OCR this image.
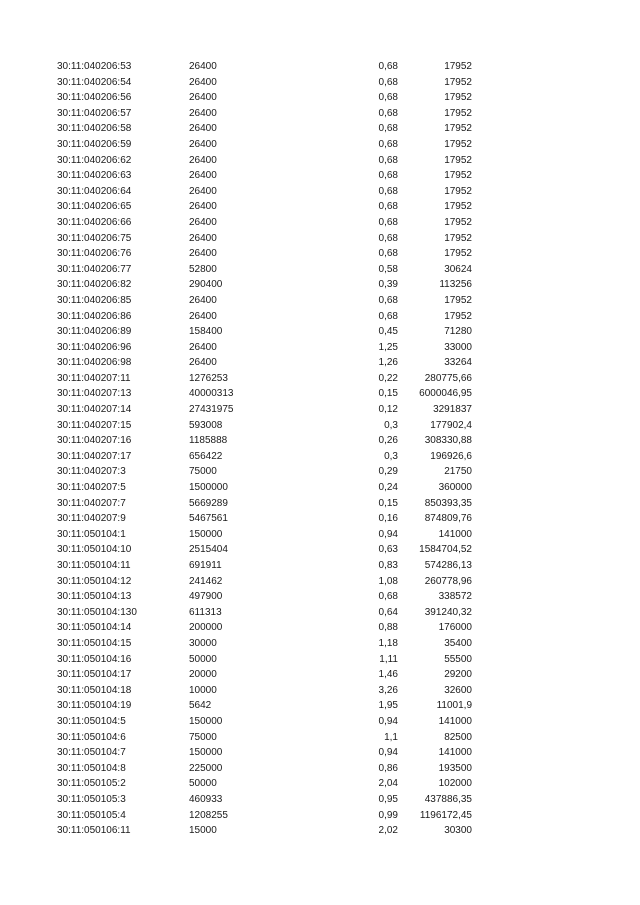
30:11:040206:53	26400	0,68	17952
30:11:040206:54	26400	0,68	17952
30:11:040206:56	26400	0,68	17952
30:11:040206:57	26400	0,68	17952
30:11:040206:58	26400	0,68	17952
30:11:040206:59	26400	0,68	17952
30:11:040206:62	26400	0,68	17952
30:11:040206:63	26400	0,68	17952
30:11:040206:64	26400	0,68	17952
30:11:040206:65	26400	0,68	17952
30:11:040206:66	26400	0,68	17952
30:11:040206:75	26400	0,68	17952
30:11:040206:76	26400	0,68	17952
30:11:040206:77	52800	0,58	30624
30:11:040206:82	290400	0,39	113256
30:11:040206:85	26400	0,68	17952
30:11:040206:86	26400	0,68	17952
30:11:040206:89	158400	0,45	71280
30:11:040206:96	26400	1,25	33000
30:11:040206:98	26400	1,26	33264
30:11:040207:11	1276253	0,22	280775,66
30:11:040207:13	40000313	0,15	6000046,95
30:11:040207:14	27431975	0,12	3291837
30:11:040207:15	593008	0,3	177902,4
30:11:040207:16	1185888	0,26	308330,88
30:11:040207:17	656422	0,3	196926,6
30:11:040207:3	75000	0,29	21750
30:11:040207:5	1500000	0,24	360000
30:11:040207:7	5669289	0,15	850393,35
30:11:040207:9	5467561	0,16	874809,76
30:11:050104:1	150000	0,94	141000
30:11:050104:10	2515404	0,63	1584704,52
30:11:050104:11	691911	0,83	574286,13
30:11:050104:12	241462	1,08	260778,96
30:11:050104:13	497900	0,68	338572
30:11:050104:130	611313	0,64	391240,32
30:11:050104:14	200000	0,88	176000
30:11:050104:15	30000	1,18	35400
30:11:050104:16	50000	1,11	55500
30:11:050104:17	20000	1,46	29200
30:11:050104:18	10000	3,26	32600
30:11:050104:19	5642	1,95	11001,9
30:11:050104:5	150000	0,94	141000
30:11:050104:6	75000	1,1	82500
30:11:050104:7	150000	0,94	141000
30:11:050104:8	225000	0,86	193500
30:11:050105:2	50000	2,04	102000
30:11:050105:3	460933	0,95	437886,35
30:11:050105:4	1208255	0,99	1196172,45
30:11:050106:11	15000	2,02	30300
